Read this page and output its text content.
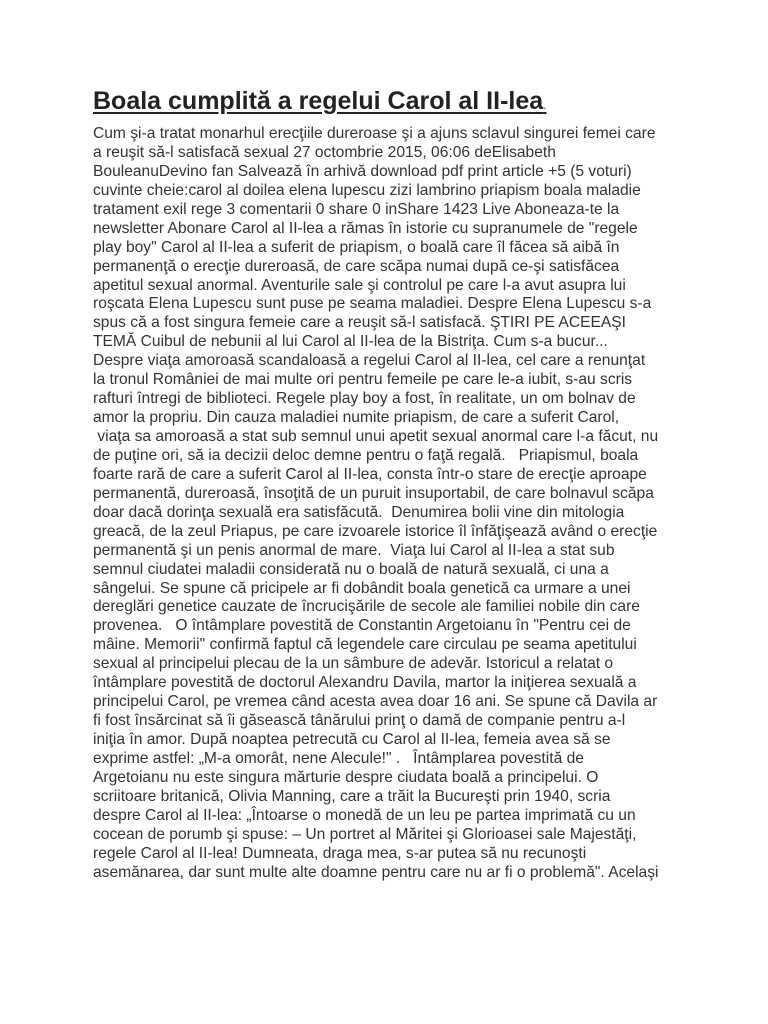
Boala cumplită a regelui Carol al II-lea.
Cum şi-a tratat monarhul erecţiile dureroase şi a ajuns sclavul singurei femei care
a reuşit să-l satisfacă sexual 27 octombrie 2015, 06:06 deElisabeth
BouleanuDevino fan Salvează în arhivă download pdf print article +5 (5 voturi)
cuvinte cheie:carol al doilea elena lupescu zizi lambrino priapism boala maladie
tratament exil rege 3 comentarii 0 share 0 inShare 1423 Live Aboneaza-te la
newsletter Abonare Carol al II-lea a rămas în istorie cu supranumele de "regele
play boy" Carol al II-lea a suferit de priapism, o boală care îl făcea să aibă în
permanenţă o erecţie dureroasă, de care scăpa numai după ce-şi satisfăcea
apetitul sexual anormal. Aventurile sale şi controlul pe care l-a avut asupra lui
roşcata Elena Lupescu sunt puse pe seama maladiei. Despre Elena Lupescu s-a
spus că a fost singura femeie care a reuşit să-l satisfacă. ŞTIRI PE ACEEAŞI
TEMĂ Cuibul de nebunii al lui Carol al II-lea de la Bistriţa. Cum s-a bucur...
Despre viaţa amoroasă scandaloasă a regelui Carol al II-lea, cel care a renunţat
la tronul României de mai multe ori pentru femeile pe care le-a iubit, s-au scris
rafturi întregi de biblioteci. Regele play boy a fost, în realitate, un om bolnav de
amor la propriu. Din cauza maladiei numite priapism, de care a suferit Carol,
viaţa sa amoroasă a stat sub semnul unui apetit sexual anormal care l-a făcut, nu
de puţine ori, să ia decizii deloc demne pentru o faţă regală.   Priapismul, boala
foarte rară de care a suferit Carol al II-lea, consta într-o stare de erecţie aproape
permanentă, dureroasă, însoţită de un puruit insuportabil, de care bolnavul scăpa
doar dacă dorinţa sexuală era satisfăcută.  Denumirea bolii vine din mitologia
greacă, de la zeul Priapus, pe care izvoarele istorice îl înfăţişează având o erecţie
permanentă şi un penis anormal de mare.  Viaţa lui Carol al II-lea a stat sub
semnul ciudatei maladii considerată nu o boală de natură sexuală, ci una a
sângelui. Se spune că pricipele ar fi dobândit boala genetică ca urmare a unei
dereglări genetice cauzate de încrucişările de secole ale familiei nobile din care
provenea.   O întâmplare povestită de Constantin Argetoianu în "Pentru cei de
mâine. Memorii" confirmă faptul că legendele care circulau pe seama apetitului
sexual al principelui plecau de la un sâmbure de adevăr. Istoricul a relatat o
întâmplare povestită de doctorul Alexandru Davila, martor la iniţierea sexuală a
principelui Carol, pe vremea când acesta avea doar 16 ani. Se spune că Davila ar
fi fost însărcinat să îi găsească tânărului prinţ o damă de companie pentru a-l
iniţia în amor. După noaptea petrecută cu Carol al II-lea, femeia avea să se
exprime astfel: „M-a omorât, nene Alecule!" .   Întâmplarea povestită de
Argetoianu nu este singura mărturie despre ciudata boală a principelui. O
scriitoare britanică, Olivia Manning, care a trăit la Bucureşti prin 1940, scria
despre Carol al II-lea: „Întoarse o monedă de un leu pe partea imprimată cu un
cocean de porumb şi spuse: – Un portret al Măritei şi Glorioasei sale Majestăţi,
regele Carol al II-lea! Dumneata, draga mea, s-ar putea să nu recunoşti
asemănarea, dar sunt multe alte doamne pentru care nu ar fi o problemă". Acelaşi
